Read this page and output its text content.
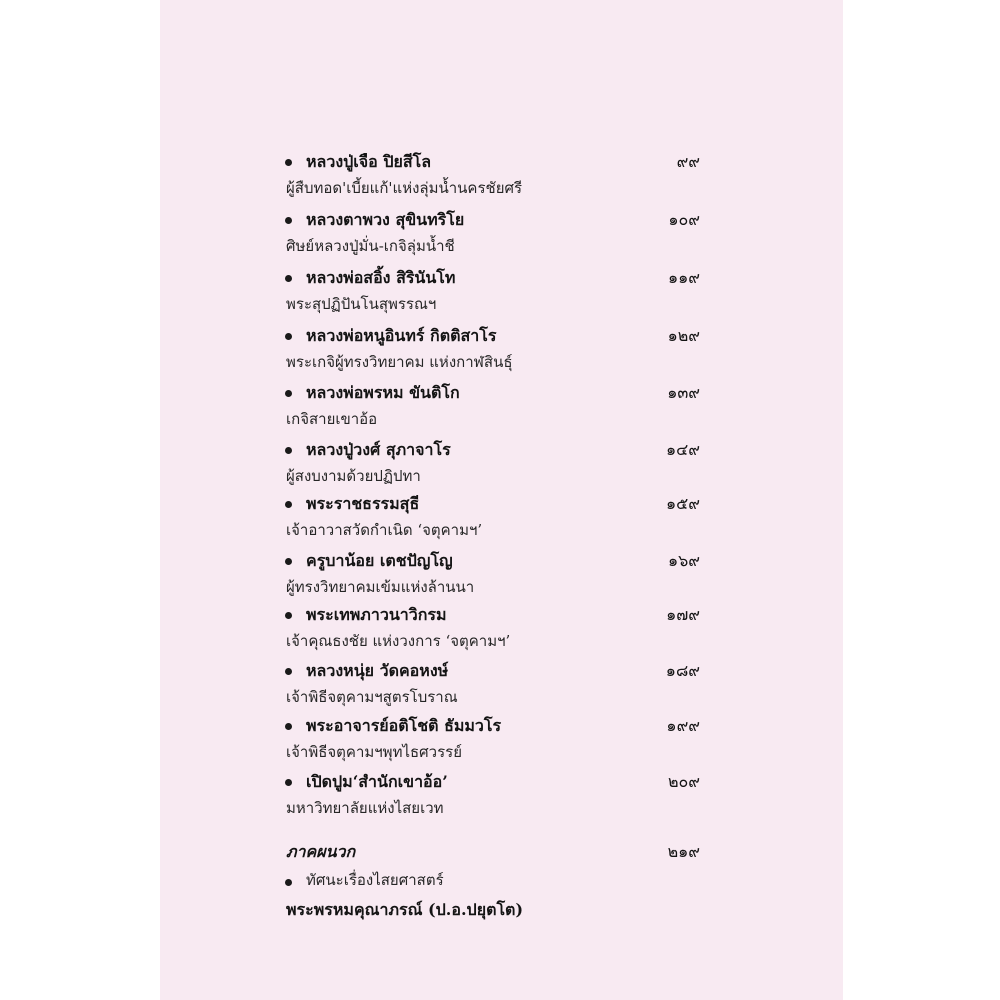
หลวงปู่เจือ ปิยสีโล	๙๙
ผู้สืบทอด'เบี้ยแก้'แห่งลุ่มน้ำนครชัยศรี
หลวงตาพวง สุขินทริโย	๑๐๙
ศิษย์หลวงปู่มั่น-เกจิลุ่มน้ำชี
หลวงพ่อสอิ้ง สิรินันโท	๑๑๙
พระสุปฏิปันโนสุพรรณฯ
หลวงพ่อหนูอินทร์ กิตติสาโร	๑๒๙
พระเกจิผู้ทรงวิทยาคม แห่งกาฬสินธุ์
หลวงพ่อพรหม ขันติโก	๑๓๙
เกจิสายเขาอ้อ
หลวงปู่วงศ์ สุภาจาโร	๑๔๙
ผู้สงบงามด้วยปฏิปทา
พระราชธรรมสุธี	๑๕๙
เจ้าอาวาสวัดกำเนิด ‘จตุคามฯ’
ครูบาน้อย เตชปัญโญ	๑๖๙
ผู้ทรงวิทยาคมเข้มแห่งล้านนา
พระเทพภาวนาวิกรม	๑๗๙
เจ้าคุณธงชัย แห่งวงการ ‘จตุคามฯ’
หลวงหนุ่ย วัดคอหงษ์	๑๘๙
เจ้าพิธีจตุคามฯสูตรโบราณ
พระอาจารย์อติโชติ ธัมมวโร	๑๙๙
เจ้าพิธีจตุคามฯพุทไธศวรรย์
เปิดปูม‘สำนักเขาอ้อ’	๒๐๙
มหาวิทยาลัยแห่งไสยเวท
ภาคผนวก	๒๑๙
ทัศนะเรื่องไสยศาสตร์
พระพรหมคุณาภรณ์ (ป.อ.ปยุตโต)
